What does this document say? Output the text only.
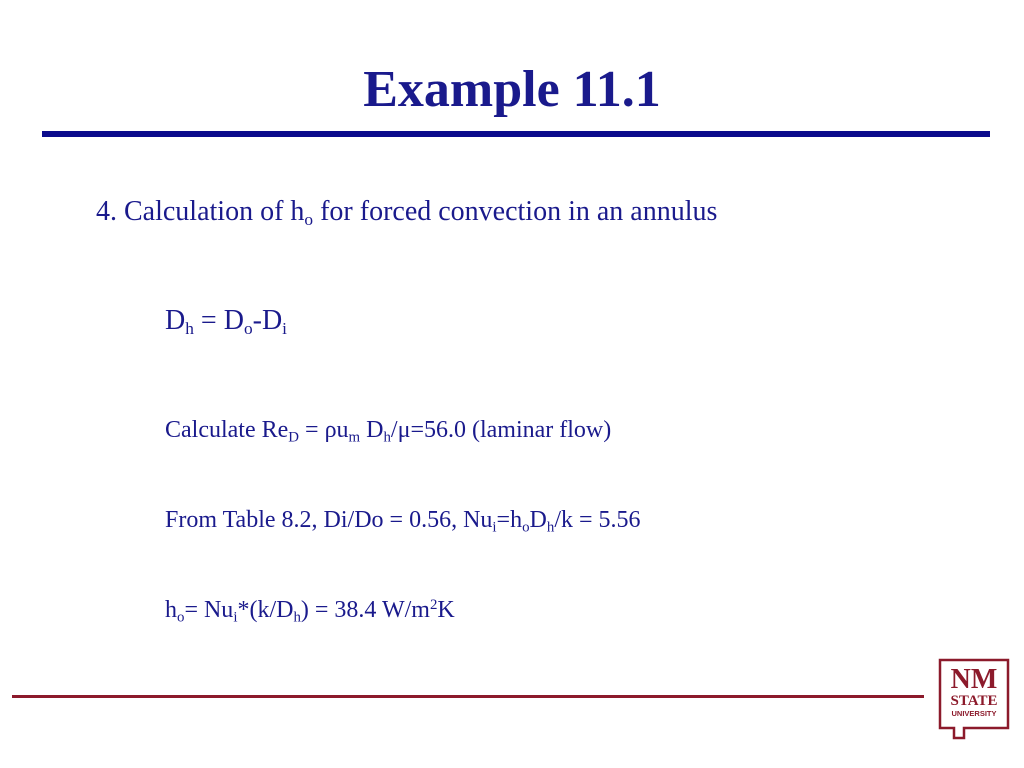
Example 11.1
4. Calculation of $h_o$ for forced convection in an annulus
$D_h = D_o-D_i$
Calculate $Re_D = \rho u_m$ $D_h/\mu=56.0$ (laminar flow)
From Table 8.2, Di/Do = 0.56, $Nu_i=h_oD_h/k = 5.56$
$h_o= Nu_i*(k/D_h) = 38.4$ $W/m^2K$
NM
STATE
UNIVERSITY
